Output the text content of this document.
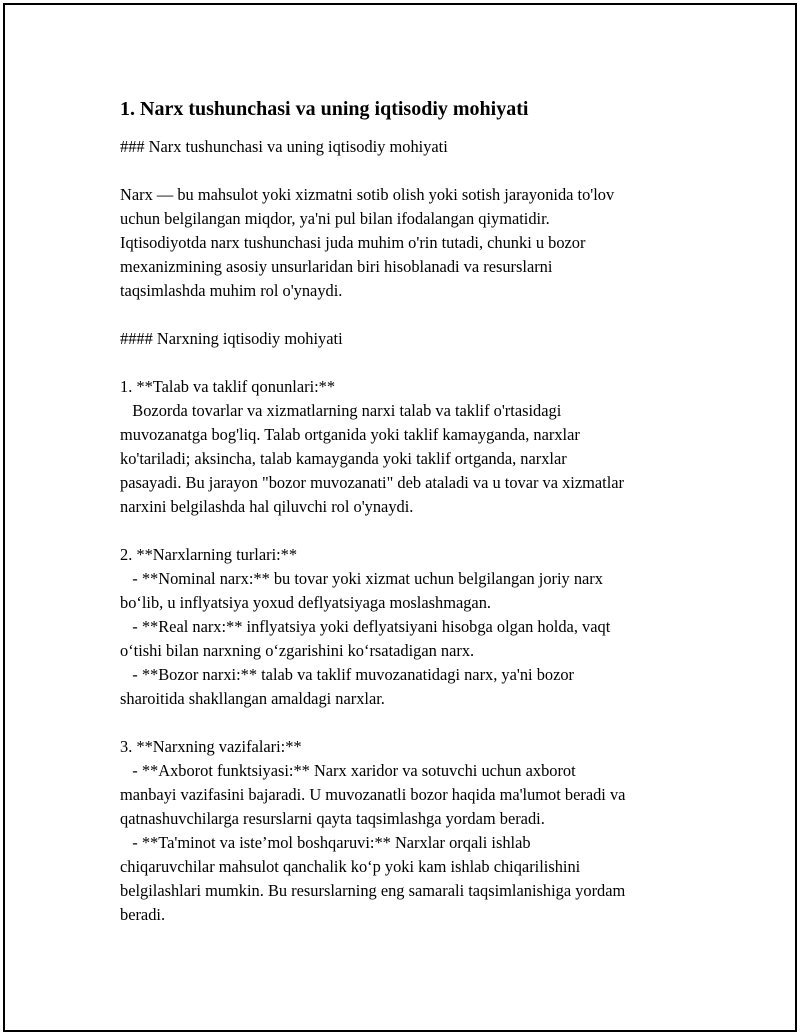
1. Narx tushunchasi va uning iqtisodiy mohiyati

### Narx tushunchasi va uning iqtisodiy mohiyati

Narx — bu mahsulot yoki xizmatni sotib olish yoki sotish jarayonida to'lov
uchun belgilangan miqdor, ya'ni pul bilan ifodalangan qiymatidir.
Iqtisodiyotda narx tushunchasi juda muhim o'rin tutadi, chunki u bozor
mexanizmining asosiy unsurlaridan biri hisoblanadi va resurslarni
taqsimlashda muhim rol o'ynaydi.

#### Narxning iqtisodiy mohiyati

1. **Talab va taklif qonunlari:**
Bozorda tovarlar va xizmatlarning narxi talab va taklif o'rtasidagi
muvozanatga bog'liq. Talab ortganida yoki taklif kamayganda, narxlar
ko'tariladi; aksincha, talab kamayganda yoki taklif ortganda, narxlar
pasayadi. Bu jarayon "bozor muvozanati" deb ataladi va u tovar va xizmatlar
narxini belgilashda hal qiluvchi rol o'ynaydi.

2. **Narxlarning turlari:**
- **Nominal narx:** bu tovar yoki xizmat uchun belgilangan joriy narx
bo‘lib, u inflyatsiya yoxud deflyatsiyaga moslashmagan.
- **Real narx:** inflyatsiya yoki deflyatsiyani hisobga olgan holda, vaqt
o‘tishi bilan narxning o‘zgarishini ko‘rsatadigan narx.
- **Bozor narxi:** talab va taklif muvozanatidagi narx, ya'ni bozor
sharoitida shakllangan amaldagi narxlar.

3. **Narxning vazifalari:**
- **Axborot funktsiyasi:** Narx xaridor va sotuvchi uchun axborot
manbayi vazifasini bajaradi. U muvozanatli bozor haqida ma'lumot beradi va
qatnashuvchilarga resurslarni qayta taqsimlashga yordam beradi.
- **Ta'minot va iste’mol boshqaruvi:** Narxlar orqali ishlab
chiqaruvchilar mahsulot qanchalik ko‘p yoki kam ishlab chiqarilishini
belgilashlari mumkin. Bu resurslarning eng samarali taqsimlanishiga yordam
beradi.
